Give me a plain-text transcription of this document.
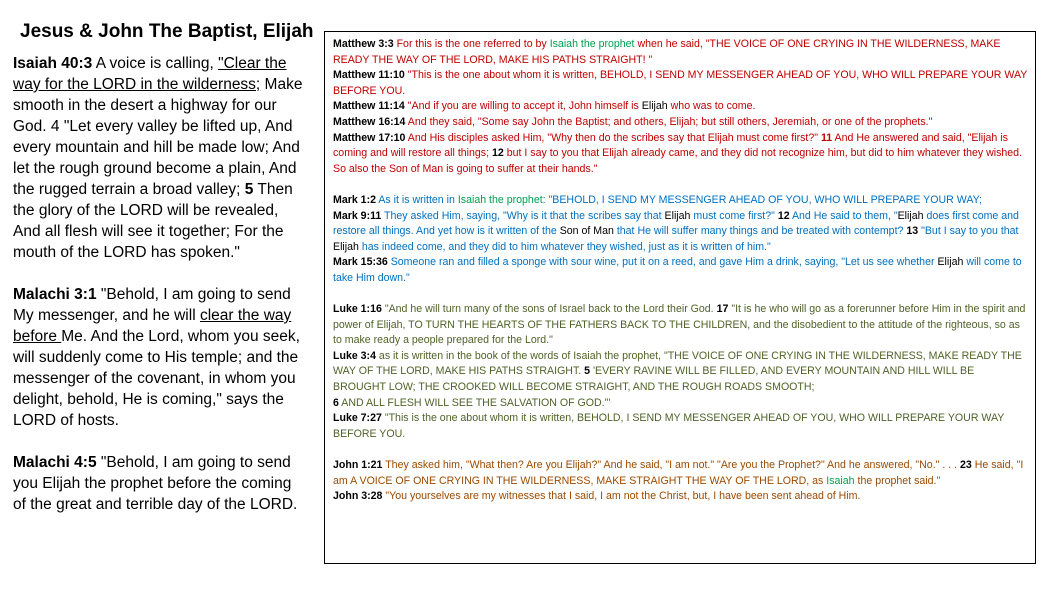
Jesus & John The Baptist, Elijah

Isaiah 40:3 A voice is calling, "Clear the way for the LORD in the wilderness; Make smooth in the desert a highway for our God. 4 "Let every valley be lifted up, And every mountain and hill be made low; And let the rough ground become a plain, And the rugged terrain a broad valley; 5 Then the glory of the LORD will be revealed, And all flesh will see it together; For the mouth of the LORD has spoken."

Malachi 3:1 "Behold, I am going to send My messenger, and he will clear the way before Me. And the Lord, whom you seek, will suddenly come to His temple; and the messenger of the covenant, in whom you delight, behold, He is coming," says the LORD of hosts.

Malachi 4:5 "Behold, I am going to send you Elijah the prophet before the coming of the great and terrible day of the LORD.

Matthew 3:3 For this is the one referred to by Isaiah the prophet when he said, "THE VOICE OF ONE CRYING IN THE WILDERNESS, MAKE READY THE WAY OF THE LORD, MAKE HIS PATHS STRAIGHT! "

Matthew 11:10 "This is the one about whom it is written, BEHOLD, I SEND MY MESSENGER AHEAD OF YOU, WHO WILL PREPARE YOUR WAY BEFORE YOU.

Matthew 11:14 "And if you are willing to accept it, John himself is Elijah who was to come.

Matthew 16:14 And they said, "Some say John the Baptist; and others, Elijah; but still others, Jeremiah, or one of the prophets."

Matthew 17:10 And His disciples asked Him, "Why then do the scribes say that Elijah must come first?" 11 And He answered and said, "Elijah is coming and will restore all things; 12 but I say to you that Elijah already came, and they did not recognize him, but did to him whatever they wished. So also the Son of Man is going to suffer at their hands."

Mark 1:2 As it is written in Isaiah the prophet: "BEHOLD, I SEND MY MESSENGER AHEAD OF YOU, WHO WILL PREPARE YOUR WAY;

Mark 9:11 They asked Him, saying, "Why is it that the scribes say that Elijah must come first?" 12 And He said to them, "Elijah does first come and restore all things. And yet how is it written of the Son of Man that He will suffer many things and be treated with contempt? 13 "But I say to you that Elijah has indeed come, and they did to him whatever they wished, just as it is written of him."

Mark 15:36 Someone ran and filled a sponge with sour wine, put it on a reed, and gave Him a drink, saying, "Let us see whether Elijah will come to take Him down."

Luke 1:16 "And he will turn many of the sons of Israel back to the Lord their God. 17 "It is he who will go as a forerunner before Him in the spirit and power of Elijah, TO TURN THE HEARTS OF THE FATHERS BACK TO THE CHILDREN, and the disobedient to the attitude of the righteous, so as to make ready a people prepared for the Lord."

Luke 3:4 as it is written in the book of the words of Isaiah the prophet, "THE VOICE OF ONE CRYING IN THE WILDERNESS, MAKE READY THE WAY OF THE LORD, MAKE HIS PATHS STRAIGHT. 5 'EVERY RAVINE WILL BE FILLED, AND EVERY MOUNTAIN AND HILL WILL BE BROUGHT LOW; THE CROOKED WILL BECOME STRAIGHT, AND THE ROUGH ROADS SMOOTH;
6 AND ALL FLESH WILL SEE THE SALVATION OF GOD.'"

Luke 7:27 "This is the one about whom it is written, BEHOLD, I SEND MY MESSENGER AHEAD OF YOU, WHO WILL PREPARE YOUR WAY BEFORE YOU.

John 1:21 They asked him, "What then? Are you Elijah?" And he said, "I am not." "Are you the Prophet?" And he answered, "No." . . . 23 He said, "I am A VOICE OF ONE CRYING IN THE WILDERNESS, MAKE STRAIGHT THE WAY OF THE LORD, as Isaiah the prophet said."

John 3:28 "You yourselves are my witnesses that I said, I am not the Christ, but, I have been sent ahead of Him.
